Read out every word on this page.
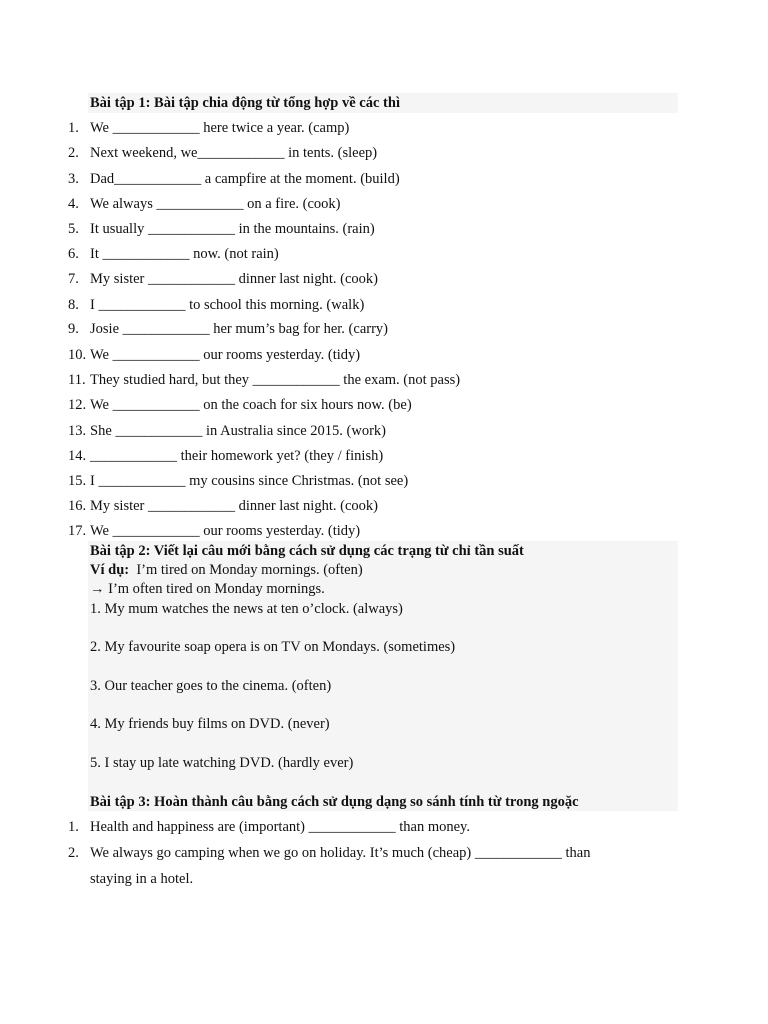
Bài tập 1: Bài tập chia động từ tổng hợp về các thì
1. We ____________ here twice a year. (camp)
2. Next weekend, we____________ in tents. (sleep)
3. Dad____________ a campfire at the moment. (build)
4. We always ____________ on a fire. (cook)
5. It usually ____________ in the mountains. (rain)
6. It ____________ now. (not rain)
7. My sister ____________ dinner last night. (cook)
8. I ____________ to school this morning. (walk)
9. Josie ____________ her mum’s bag for her. (carry)
10. We ____________ our rooms yesterday. (tidy)
11. They studied hard, but they ____________ the exam. (not pass)
12. We ____________ on the coach for six hours now. (be)
13. She ____________ in Australia since 2015. (work)
14. ____________ their homework yet? (they / finish)
15. I ____________ my cousins since Christmas. (not see)
16. My sister ____________ dinner last night. (cook)
17. We ____________ our rooms yesterday. (tidy)
Bài tập 2: Viết lại câu mới bằng cách sử dụng các trạng từ chỉ tần suất
Ví dụ:  I’m tired on Monday mornings. (often)
→ I’m often tired on Monday mornings.
1. My mum watches the news at ten o’clock. (always)
2. My favourite soap opera is on TV on Mondays. (sometimes)
3. Our teacher goes to the cinema. (often)
4. My friends buy films on DVD. (never)
5. I stay up late watching DVD. (hardly ever)
Bài tập 3: Hoàn thành câu bằng cách sử dụng dạng so sánh tính từ trong ngoặc
1. Health and happiness are (important) ____________ than money.
2. We always go camping when we go on holiday. It’s much (cheap) ____________ than
staying in a hotel.
